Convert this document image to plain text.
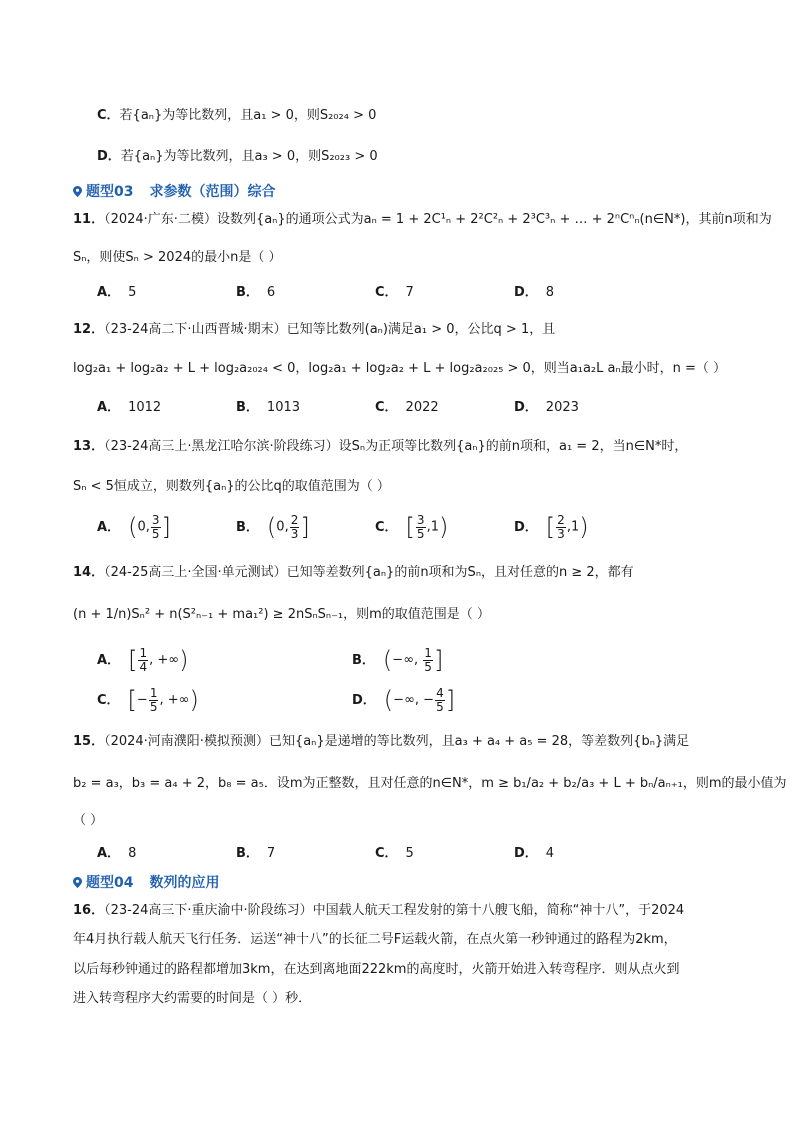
C．若{aₙ}为等比数列，且a₁ > 0，则S₂₀₂₄ > 0
D．若{aₙ}为等比数列，且a₃ > 0，则S₂₀₂₃ > 0
题型03 求参数（范围）综合
11．（2024·广东·二模）设数列{aₙ}的通项公式为aₙ = 1 + 2C¹ₙ + 2²C²ₙ + 2³C³ₙ + … + 2ⁿCⁿₙ(n∈N*)，其前n项和为
Sₙ，则使Sₙ > 2024的最小n是（ ）
A． 5	B． 6	C． 7	D． 8
12．（23-24高二下·山西晋城·期末）已知等比数列(aₙ)满足a₁ > 0，公比q > 1，且
log₂a₁ + log₂a₂ + L + log₂a₂₀₂₄ < 0，log₂a₁ + log₂a₂ + L + log₂a₂₀₂₅ > 0，则当a₁a₂L aₙ最小时，n =（ ）
A． 1012	B． 1013	C． 2022	D． 2023
13．（23-24高三上·黑龙江哈尔滨·阶段练习）设Sₙ为正项等比数列{aₙ}的前n项和，a₁ = 2，当n∈N*时，
Sₙ < 5恒成立，则数列{aₙ}的公比q的取值范围为（ ）
A． (0, $\frac{3}{5}$ ]	B． (0, $\frac{2}{3}$ ]	C． [ $\frac{3}{5} ,1$)	D． [ $\frac{2}{3} ,1$)
14．（24-25高三上·全国·单元测试）已知等差数列{aₙ}的前n项和为Sₙ，且对任意的n ≥ 2，都有
(n + 1/n)Sₙ² + n(S²ₙ₋₁ + ma₁²) ≥ 2nSₙSₙ₋₁，则m的取值范围是（ ）
A． [ $\frac{1}{4}$ , +∞)	B． (−∞, $\frac{1}{5}$ ]
C． [− $\frac{1}{5}$ , +∞)	D． (−∞, − $\frac{4}{5}$ ]
15．（2024·河南濮阳·模拟预测）已知{aₙ}是递增的等比数列，且a₃ + a₄ + a₅ = 28，等差数列{bₙ}满足
b₂ = a₃，b₃ = a₄ + 2，b₈ = a₅．设m为正整数，且对任意的n∈N*，m ≥ b₁/a₂ + b₂/a₃ + L + bₙ/aₙ₊₁，则m的最小值为
（ ）
A． 8	B． 7	C． 5	D． 4
题型04 数列的应用
16．（23-24高三下·重庆渝中·阶段练习）中国载人航天工程发射的第十八艘飞船，简称“神十八”，于2024
年4月执行载人航天飞行任务．运送“神十八”的长征二号F运载火箭，在点火第一秒钟通过的路程为2km，
以后每秒钟通过的路程都增加3km，在达到离地面222km的高度时，火箭开始进入转弯程序．则从点火到
进入转弯程序大约需要的时间是（ ）秒．
